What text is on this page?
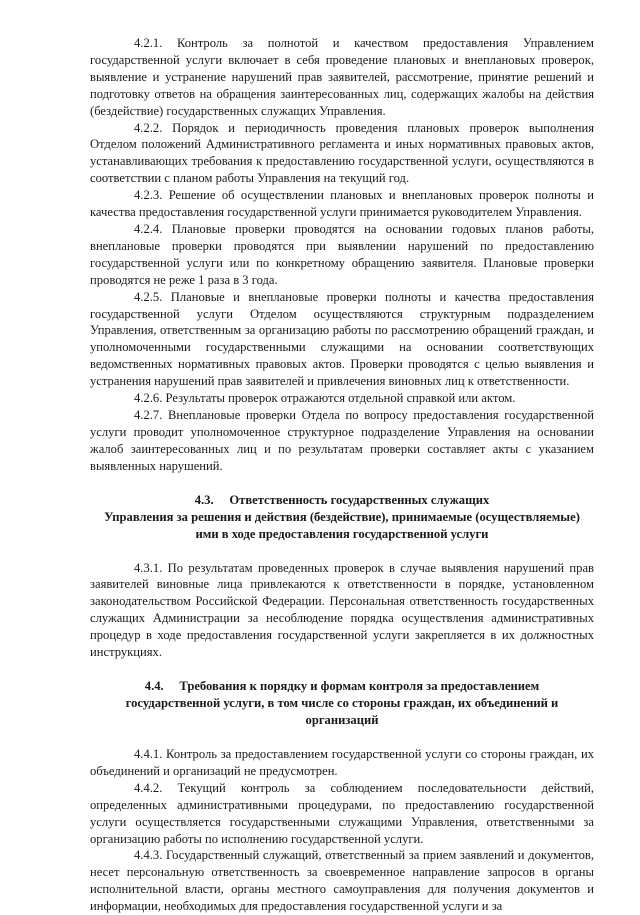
4.2.1. Контроль за полнотой и качеством предоставления Управлением государственной услуги включает в себя проведение плановых и внеплановых проверок, выявление и устранение нарушений прав заявителей, рассмотрение, принятие решений и подготовку ответов на обращения заинтересованных лиц, содержащих жалобы на действия (бездействие) государственных служащих Управления.

4.2.2. Порядок и периодичность проведения плановых проверок выполнения Отделом положений Административного регламента и иных нормативных правовых актов, устанавливающих требования к предоставлению государственной услуги, осуществляются в соответствии с планом работы Управления на текущий год.

4.2.3. Решение об осуществлении плановых и внеплановых проверок полноты и качества предоставления государственной услуги принимается руководителем Управления.

4.2.4. Плановые проверки проводятся на основании годовых планов работы, внеплановые проверки проводятся при выявлении нарушений по предоставлению государственной услуги или по конкретному обращению заявителя. Плановые проверки проводятся не реже 1 раза в 3 года.

4.2.5. Плановые и внеплановые проверки полноты и качества предоставления государственной услуги Отделом осуществляются структурным подразделением Управления, ответственным за организацию работы по рассмотрению обращений граждан, и уполномоченными государственными служащими на основании соответствующих ведомственных нормативных правовых актов. Проверки проводятся с целью выявления и устранения нарушений прав заявителей и привлечения виновных лиц к ответственности.

4.2.6. Результаты проверок отражаются отдельной справкой или актом.

4.2.7. Внеплановые проверки Отдела по вопросу предоставления государственной услуги проводит уполномоченное структурное подразделение Управления на основании жалоб заинтересованных лиц и по результатам проверки составляет акты с указанием выявленных нарушений.

4.3.     Ответственность государственных служащих
Управления за решения и действия (бездействие), принимаемые (осуществляемые)
ими в ходе предоставления государственной услуги

4.3.1. По результатам проведенных проверок в случае выявления нарушений прав заявителей виновные лица привлекаются к ответственности в порядке, установленном законодательством Российской Федерации. Персональная ответственность государственных служащих Администрации за несоблюдение порядка осуществления административных процедур в ходе предоставления государственной услуги закрепляется в их должностных инструкциях.

4.4.     Требования к порядку и формам контроля за предоставлением
государственной услуги, в том числе со стороны граждан, их объединений и
организаций

4.4.1. Контроль за предоставлением государственной услуги со стороны граждан, их объединений и организаций не предусмотрен.

4.4.2. Текущий контроль за соблюдением последовательности действий, определенных административными процедурами, по предоставлению государственной услуги осуществляется государственными служащими Управления, ответственными за организацию работы по исполнению государственной услуги.

4.4.3. Государственный служащий, ответственный за прием заявлений и документов, несет персональную ответственность за своевременное направление запросов в органы исполнительной власти, органы местного самоуправления для получения документов и информации, необходимых для предоставления государственной услуги и за
